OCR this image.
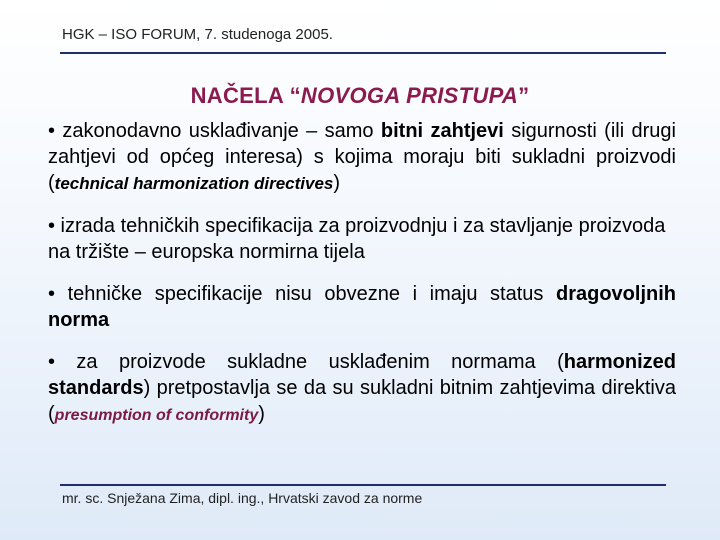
HGK – ISO FORUM, 7. studenoga 2005.
NAČELA “NOVOGA PRISTUPA”

• zakonodavno usklađivanje – samo bitni zahtjevi sigurnosti (ili drugi zahtjevi od općeg interesa) s kojima moraju biti sukladni proizvodi (technical harmonization directives)

• izrada tehničkih specifikacija za proizvodnju i za stavljanje proizvoda na tržište – europska normirna tijela

• tehničke specifikacije nisu obvezne i imaju status dragovoljnih norma

• za proizvode sukladne usklađenim normama (harmonized standards) pretpostavlja se da su sukladni bitnim zahtjevima direktiva (presumption of conformity)

mr. sc. Snježana Zima, dipl. ing., Hrvatski zavod za norme
